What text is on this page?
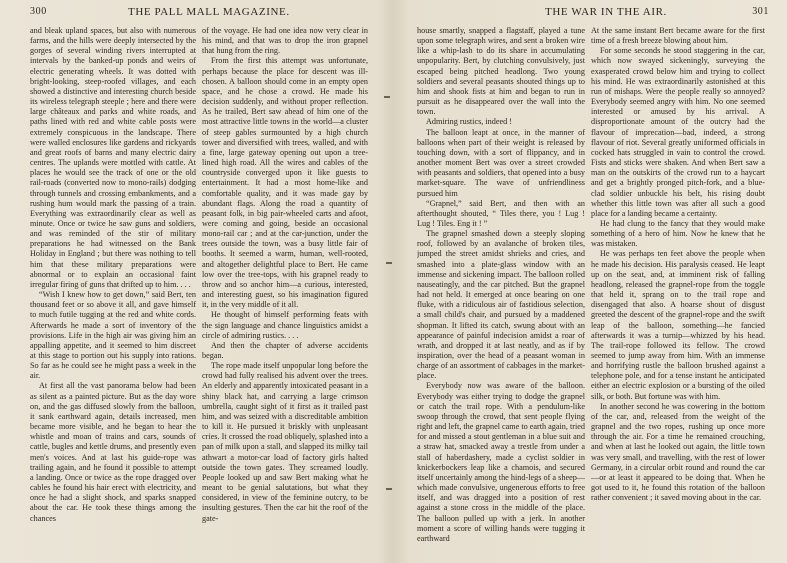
300	THE PALL MALL MAGAZINE.

and bleak upland spaces, but also with numerous farms, and the hills were deeply intersected by the gorges of several winding rivers interrupted at intervals by the banked-up ponds and weirs of electric generating wheels. It was dotted with bright-looking, steep-roofed villages, and each showed a distinctive and interesting church beside its wireless telegraph steeple ; here and there were large châteaux and parks and white roads, and paths lined with red and white cable posts were extremely conspicuous in the landscape. There were walled enclosures like gardens and rickyards and great roofs of barns and many electric dairy centres. The uplands were mottled with cattle. At places he would see the track of one or the old rail-roads (converted now to mono-rails) dodging through tunnels and crossing embankments, and a rushing hum would mark the passing of a train. Everything was extraordinarily clear as well as minute. Once or twice he saw guns and soldiers, and was reminded of the stir of military preparations he had witnessed on the Bank Holiday in England ; but there was nothing to tell him that these military preparations were abnormal or to explain an occasional faint irregular firing of guns that drifted up to him. . . .

“Wish I knew how to get down,” said Bert, ten thousand feet or so above it all, and gave himself to much futile tugging at the red and white cords. Afterwards he made a sort of inventory of the provisions. Life in the high air was giving him an appalling appetite, and it seemed to him discreet at this stage to portion out his supply into rations. So far as he could see he might pass a week in the air.

At first all the vast panorama below had been as silent as a painted picture. But as the day wore on, and the gas diffused slowly from the balloon, it sank earthward again, details increased, men became more visible, and he began to hear the whistle and moan of trains and cars, sounds of cattle, bugles and kettle drums, and presently even men's voices. And at last his guide-rope was trailing again, and he found it possible to attempt a landing. Once or twice as the rope dragged over cables he found his hair erect with electricity, and once he had a slight shock, and sparks snapped about the car. He took these things among the chances

of the voyage. He had one idea now very clear in his mind, and that was to drop the iron grapnel that hung from the ring.

From the first this attempt was unfortunate, perhaps because the place for descent was ill-chosen. A balloon should come in an empty open space, and he chose a crowd. He made his decision suddenly, and without proper reflection. As he trailed, Bert saw ahead of him one of the most attractive little towns in the world—a cluster of steep gables surmounted by a high church tower and diversified with trees, walled, and with a fine, large gateway opening out upon a tree-lined high road. All the wires and cables of the countryside converged upon it like guests to entertainment. It had a most home-like and comfortable quality, and it was made gay by abundant flags. Along the road a quantity of peasant folk, in big pair-wheeled carts and afoot, were coming and going, beside an occasional mono-rail car ; and at the car-junction, under the trees outside the town, was a busy little fair of booths. It seemed a warm, human, well-rooted, and altogether delightful place to Bert. He came low over the tree-tops, with his grapnel ready to throw and so anchor him—a curious, interested, and interesting guest, so his imagination figured it, in the very middle of it all.

He thought of himself performing feats with the sign language and chance linguistics amidst a circle of admiring rustics. . . .

And then the chapter of adverse accidents began.

The rope made itself unpopular long before the crowd had fully realised his advent over the trees. An elderly and apparently intoxicated peasant in a shiny black hat, and carrying a large crimson umbrella, caught sight of it first as it trailed past him, and was seized with a discreditable ambition to kill it. He pursued it briskly with unpleasant cries. It crossed the road obliquely, splashed into a pan of milk upon a stall, and slapped its milky tail athwart a motor-car load of factory girls halted outside the town gates. They screamed loudly. People looked up and saw Bert making what he meant to be genial salutations, but what they considered, in view of the feminine outcry, to be insulting gestures. Then the car hit the roof of the gate-

THE WAR IN THE AIR.	301

house smartly, snapped a flagstaff, played a tune upon some telegraph wires, and sent a broken wire like a whip-lash to do its share in accumulating unpopularity. Bert, by clutching convulsively, just escaped being pitched headlong. Two young soldiers and several peasants shouted things up to him and shook fists at him and began to run in pursuit as he disappeared over the wall into the town.

Admiring rustics, indeed !

The balloon leapt at once, in the manner of balloons when part of their weight is released by touching down, with a sort of flippancy, and in another moment Bert was over a street crowded with peasants and soldiers, that opened into a busy market-square. The wave of unfriendliness pursued him

“Grapnel,” said Bert, and then with an afterthought shouted, “ Tiles there, you ! Lug ! Lug ! Tiles. Eng it ! ”

The grapnel smashed down a steeply sloping roof, followed by an avalanche of broken tiles, jumped the street amidst shrieks and cries, and smashed into a plate-glass window with an immense and sickening impact. The balloon rolled nauseatingly, and the car pitched. But the grapnel had not held. It emerged at once bearing on one fluke, with a ridiculous air of fastidious selection, a small child's chair, and pursued by a maddened shopman. It lifted its catch, swung about with an appearance of painful indecision amidst a roar of wrath, and dropped it at last neatly, and as if by inspiration, over the head of a peasant woman in charge of an assortment of cabbages in the market-place.

Everybody now was aware of the balloon. Everybody was either trying to dodge the grapnel or catch the trail rope. With a pendulum-like swoop through the crowd, that sent people flying right and left, the grapnel came to earth again, tried for and missed a stout gentleman in a blue suit and a straw hat, smacked away a trestle from under a stall of haberdashery, made a cyclist soldier in knickerbockers leap like a chamois, and secured itself uncertainly among the hind-legs of a sheep—which made convulsive, ungenerous efforts to free itself, and was dragged into a position of rest against a stone cross in the middle of the place. The balloon pulled up with a jerk. In another moment a score of willing hands were tugging it earthward

At the same instant Bert became aware for the first time of a fresh breeze blowing about him.

For some seconds he stood staggering in the car, which now swayed sickeningly, surveying the exasperated crowd below him and trying to collect his mind. He was extraordinarily astonished at this run of mishaps. Were the people really so annoyed? Everybody seemed angry with him. No one seemed interested or amused by his arrival. A disproportionate amount of the outcry had the flavour of imprecation—bad, indeed, a strong flavour of riot. Several greatly uniformed officials in cocked hats struggled in vain to control the crowd. Fists and sticks were shaken. And when Bert saw a man on the outskirts of the crowd run to a haycart and get a brightly pronged pitch-fork, and a blue-clad soldier unbuckle his belt, his rising doubt whether this little town was after all such a good place for a landing became a certainty.

He had clung to the fancy that they would make something of a hero of him. Now he knew that he was mistaken.

He was perhaps ten feet above the people when he made his decision. His paralysis ceased. He leapt up on the seat, and, at imminent risk of falling headlong, released the grapnel-rope from the toggle that held it, sprang on to the trail rope and disengaged that also. A hoarse shout of disgust greeted the descent of the grapnel-rope and the swift leap of the balloon, something—he fancied afterwards it was a turnip—whizzed by his head. The trail-rope followed its fellow. The crowd seemed to jump away from him. With an immense and horrifying rustle the balloon brushed against a telephone pole, and for a tense instant he anticipated either an electric explosion or a bursting of the oiled silk, or both. But fortune was with him.

In another second he was cowering in the bottom of the car, and, released from the weight of the grapnel and the two ropes, rushing up once more through the air. For a time he remained crouching, and when at last he looked out again, the little town was very small, and travelling, with the rest of lower Germany, in a circular orbit round and round the car—or at least it appeared to be doing that. When he got used to it, he found this rotation of the balloon rather convenient ; it saved moving about in the car.
